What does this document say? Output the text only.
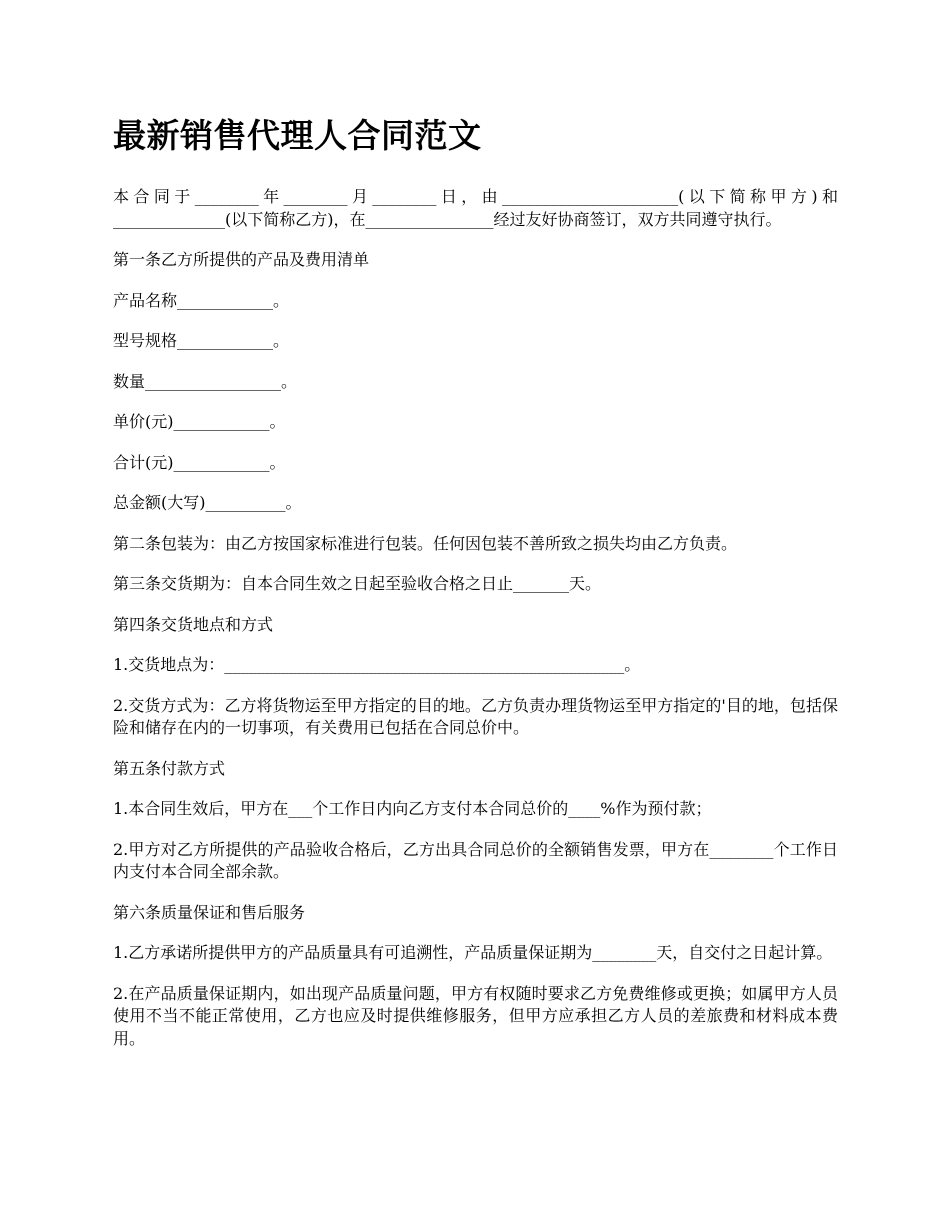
最新销售代理人合同范文

本合同于________年________月________日，由______________________(以下简称甲方)和______________(以下简称乙方)，在________________经过友好协商签订，双方共同遵守执行。

第一条乙方所提供的产品及费用清单

产品名称____________。

型号规格____________。

数量_________________。

单价(元)____________。

合计(元)____________。

总金额(大写)__________。

第二条包装为：由乙方按国家标准进行包装。任何因包装不善所致之损失均由乙方负责。

第三条交货期为：自本合同生效之日起至验收合格之日止_______天。

第四条交货地点和方式

1.交货地点为：__________________________________________________。

2.交货方式为：乙方将货物运至甲方指定的目的地。乙方负责办理货物运至甲方指定的'目的地，包括保险和储存在内的一切事项，有关费用已包括在合同总价中。

第五条付款方式

1.本合同生效后，甲方在___个工作日内向乙方支付本合同总价的____%作为预付款；

2.甲方对乙方所提供的产品验收合格后，乙方出具合同总价的全额销售发票，甲方在________个工作日内支付本合同全部余款。

第六条质量保证和售后服务

1.乙方承诺所提供甲方的产品质量具有可追溯性，产品质量保证期为________天，自交付之日起计算。

2.在产品质量保证期内，如出现产品质量问题，甲方有权随时要求乙方免费维修或更换；如属甲方人员使用不当不能正常使用，乙方也应及时提供维修服务，但甲方应承担乙方人员的差旅费和材料成本费用。
